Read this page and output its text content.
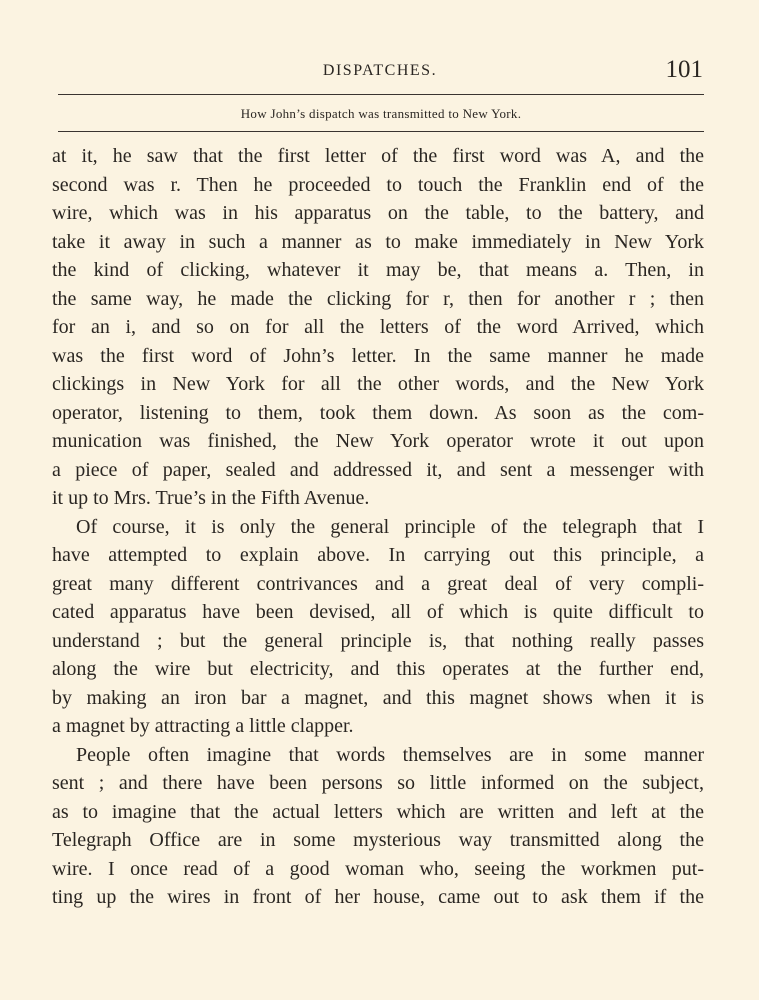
DISPATCHES.	101
How John’s dispatch was transmitted to New York.
at it, he saw that the first letter of the first word was A, and the
second was r. Then he proceeded to touch the Franklin end of the
wire, which was in his apparatus on the table, to the battery, and
take it away in such a manner as to make immediately in New York
the kind of clicking, whatever it may be, that means a. Then, in
the same way, he made the clicking for r, then for another r ; then
for an i, and so on for all the letters of the word Arrived, which
was the first word of John’s letter. In the same manner he made
clickings in New York for all the other words, and the New York
operator, listening to them, took them down. As soon as the com-
munication was finished, the New York operator wrote it out upon
a piece of paper, sealed and addressed it, and sent a messenger with
it up to Mrs. True’s in the Fifth Avenue.
Of course, it is only the general principle of the telegraph that I
have attempted to explain above. In carrying out this principle, a
great many different contrivances and a great deal of very compli-
cated apparatus have been devised, all of which is quite difficult to
understand ; but the general principle is, that nothing really passes
along the wire but electricity, and this operates at the further end,
by making an iron bar a magnet, and this magnet shows when it is
a magnet by attracting a little clapper.
People often imagine that words themselves are in some manner
sent ; and there have been persons so little informed on the subject,
as to imagine that the actual letters which are written and left at the
Telegraph Office are in some mysterious way transmitted along the
wire. I once read of a good woman who, seeing the workmen put-
ting up the wires in front of her house, came out to ask them if the
